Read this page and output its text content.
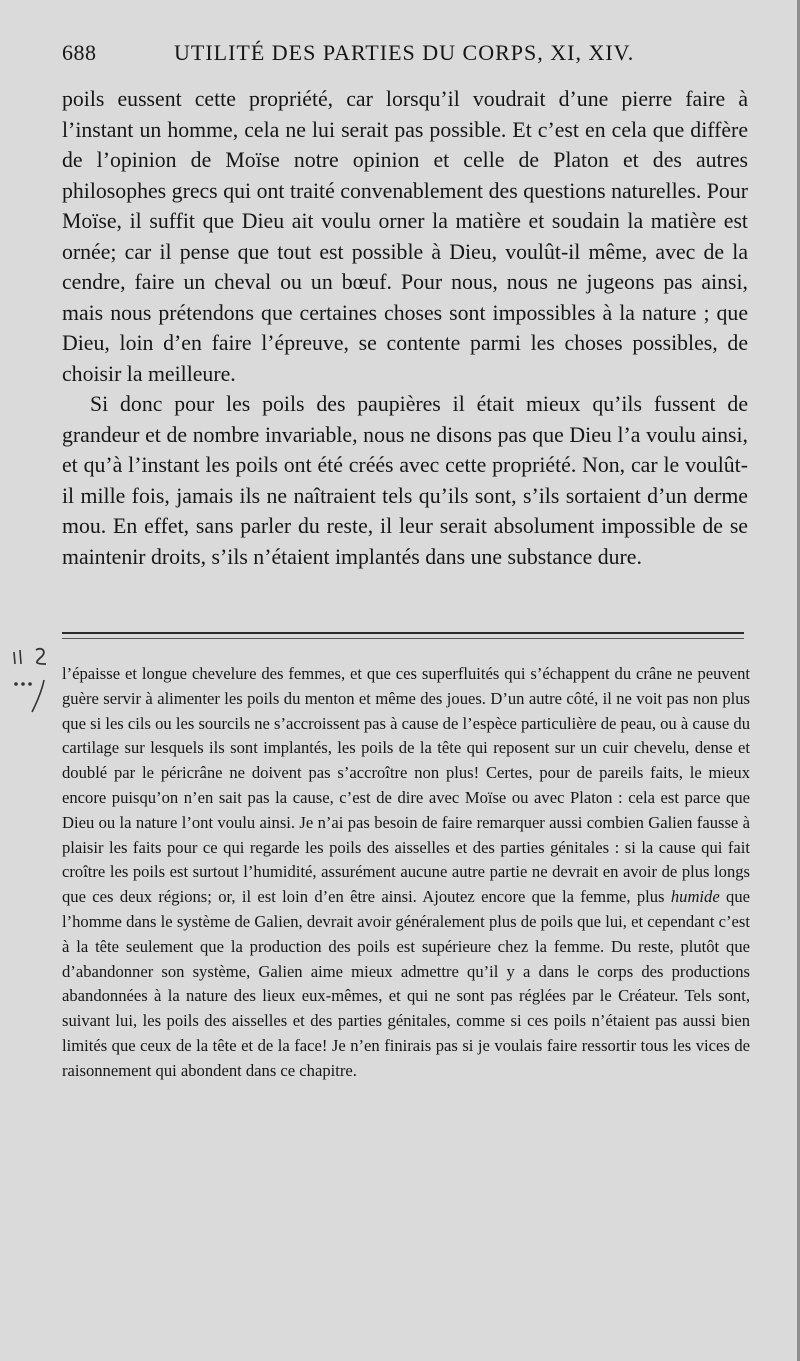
688	UTILITÉ DES PARTIES DU CORPS, XI, XIV.

poils eussent cette propriété, car lorsqu’il voudrait d’une pierre faire à l’instant un homme, cela ne lui serait pas possible. Et c’est en cela que diffère de l’opinion de Moïse notre opinion et celle de Platon et des autres philosophes grecs qui ont traité convenablement des questions naturelles. Pour Moïse, il suffit que Dieu ait voulu orner la matière et soudain la matière est ornée; car il pense que tout est possible à Dieu, voulût-il même, avec de la cendre, faire un cheval ou un bœuf. Pour nous, nous ne jugeons pas ainsi, mais nous prétendons que certaines choses sont impossibles à la nature ; que Dieu, loin d’en faire l’épreuve, se contente parmi les choses possibles, de choisir la meilleure.

Si donc pour les poils des paupières il était mieux qu’ils fussent de grandeur et de nombre invariable, nous ne disons pas que Dieu l’a voulu ainsi, et qu’à l’instant les poils ont été créés avec cette propriété. Non, car le voulût-il mille fois, jamais ils ne naîtraient tels qu’ils sont, s’ils sortaient d’un derme mou. En effet, sans parler du reste, il leur serait absolument impossible de se maintenir droits, s’ils n’étaient implantés dans une substance dure.

l’épaisse et longue chevelure des femmes, et que ces superfluités qui s’échappent du crâne ne peuvent guère servir à alimenter les poils du menton et même des joues. D’un autre côté, il ne voit pas non plus que si les cils ou les sourcils ne s’accroissent pas à cause de l’espèce particulière de peau, ou à cause du cartilage sur lesquels ils sont implantés, les poils de la tête qui reposent sur un cuir chevelu, dense et doublé par le péricrâne ne doivent pas s’accroître non plus! Certes, pour de pareils faits, le mieux encore puisqu’on n’en sait pas la cause, c’est de dire avec Moïse ou avec Platon : cela est parce que Dieu ou la nature l’ont voulu ainsi. Je n’ai pas besoin de faire remarquer aussi combien Galien fausse à plaisir les faits pour ce qui regarde les poils des aisselles et des parties génitales : si la cause qui fait croître les poils est surtout l’humidité, assurément aucune autre partie ne devrait en avoir de plus longs que ces deux régions; or, il est loin d’en être ainsi. Ajoutez encore que la femme, plus humide que l’homme dans le système de Galien, devrait avoir généralement plus de poils que lui, et cependant c’est à la tête seulement que la production des poils est supérieure chez la femme. Du reste, plutôt que d’abandonner son système, Galien aime mieux admettre qu’il y a dans le corps des productions abandonnées à la nature des lieux eux-mêmes, et qui ne sont pas réglées par le Créateur. Tels sont, suivant lui, les poils des aisselles et des parties génitales, comme si ces poils n’étaient pas aussi bien limités que ceux de la tête et de la face! Je n’en finirais pas si je voulais faire ressortir tous les vices de raisonnement qui abondent dans ce chapitre.
